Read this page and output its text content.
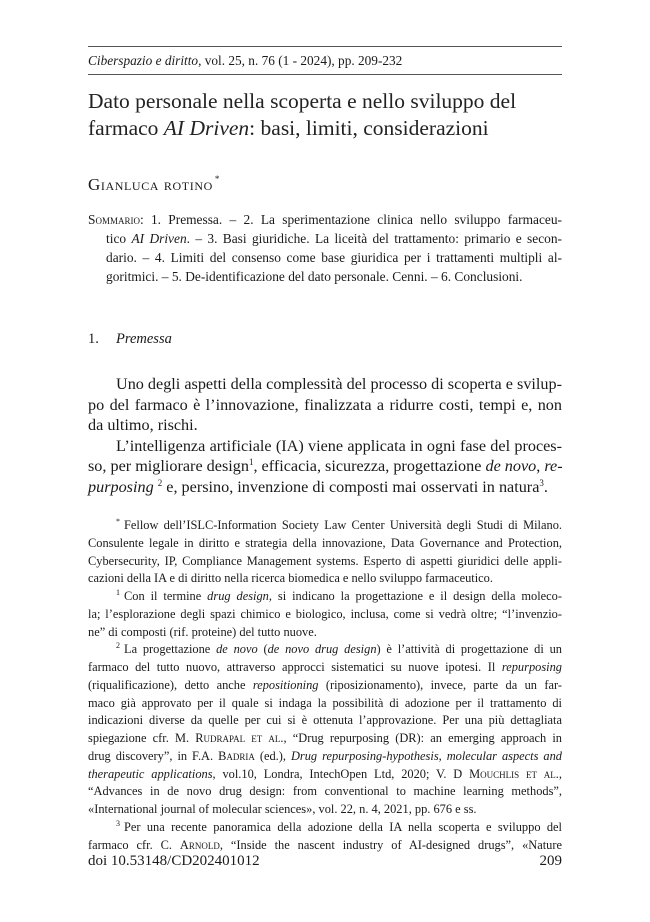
Ciberspazio e diritto, vol. 25, n. 76 (1 - 2024), pp. 209-232
Dato personale nella scoperta e nello sviluppo del
farmaco AI Driven: basi, limiti, considerazioni
Gianluca rotino *
Sommario: 1. Premessa. – 2. La sperimentazione clinica nello sviluppo farmaceu-
tico AI Driven. – 3. Basi giuridiche. La liceità del trattamento: primario e secon-
dario. – 4. Limiti del consenso come base giuridica per i trattamenti multipli al-
goritmici. – 5. De-identificazione del dato personale. Cenni. – 6. Conclusioni.
1. Premessa
Uno degli aspetti della complessità del processo di scoperta e svilup-
po del farmaco è l’innovazione, finalizzata a ridurre costi, tempi e, non
da ultimo, rischi.
L’intelligenza artificiale (IA) viene applicata in ogni fase del proces-
so, per migliorare design$^1$, efficacia, sicurezza, progettazione de novo, re-
purposing $^2$ e, persino, invenzione di composti mai osservati in natura$^3$.
* Fellow dell’ISLC-Information Society Law Center Università degli Studi di Milano.
Consulente legale in diritto e strategia della innovazione, Data Governance and Protection,
Cybersecurity, IP, Compliance Management systems. Esperto di aspetti giuridici delle appli-
cazioni della IA e di diritto nella ricerca biomedica e nello sviluppo farmaceutico.
$^1$ Con il termine drug design, si indicano la progettazione e il design della moleco-
la; l’esplorazione degli spazi chimico e biologico, inclusa, come si vedrà oltre; “l’invenzio-
ne” di composti (rif. proteine) del tutto nuove.
$^2$ La progettazione de novo (de novo drug design) è l’attività di progettazione di un
farmaco del tutto nuovo, attraverso approcci sistematici su nuove ipotesi. Il repurposing
(riqualificazione), detto anche repositioning (riposizionamento), invece, parte da un far-
maco già approvato per il quale si indaga la possibilità di adozione per il trattamento di
indicazioni diverse da quelle per cui si è ottenuta l’approvazione. Per una più dettagliata
spiegazione cfr. M. Rudrapal et al., “Drug repurposing (DR): an emerging approach in
drug discovery”, in F.A. Badria (ed.), Drug repurposing-hypothesis, molecular aspects and
therapeutic applications, vol.10, Londra, IntechOpen Ltd, 2020; V. D Mouchlis et al.,
“Advances in de novo drug design: from conventional to machine learning methods”,
«International journal of molecular sciences», vol. 22, n. 4, 2021, pp. 676 e ss.
$^3$ Per una recente panoramica della adozione della IA nella scoperta e sviluppo del
farmaco cfr. C. Arnold, “Inside the nascent industry of AI-designed drugs”, «Nature
doi 10.53148/CD202401012	209
